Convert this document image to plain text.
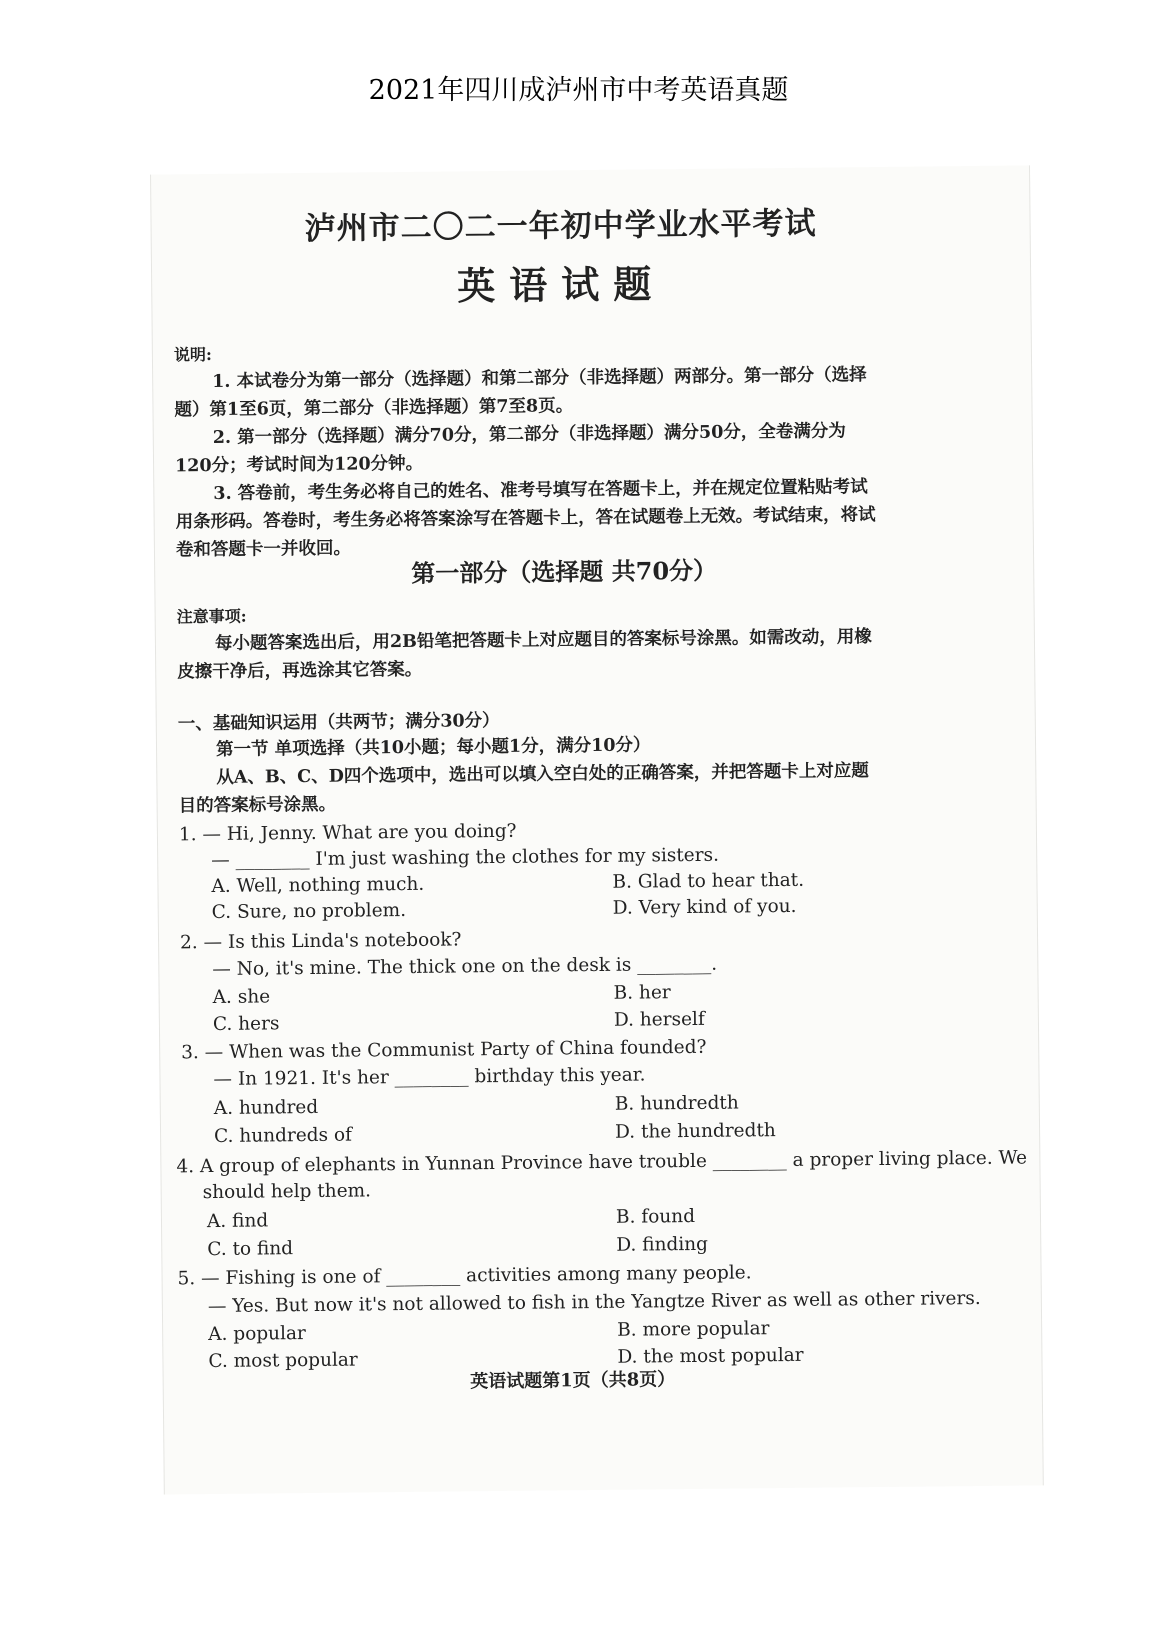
2021年四川成泸州市中考英语真题
泸州市二〇二一年初中学业水平考试
英语试题
说明:
1. 本试卷分为第一部分（选择题）和第二部分（非选择题）两部分。第一部分（选择
题）第1至6页，第二部分（非选择题）第7至8页。
2. 第一部分（选择题）满分70分，第二部分（非选择题）满分50分，全卷满分为
120分；考试时间为120分钟。
3. 答卷前，考生务必将自己的姓名、准考号填写在答题卡上，并在规定位置粘贴考试
用条形码。答卷时，考生务必将答案涂写在答题卡上，答在试题卷上无效。考试结束，将试
卷和答题卡一并收回。
第一部分（选择题 共70分）
注意事项:
每小题答案选出后，用2B铅笔把答题卡上对应题目的答案标号涂黑。如需改动，用橡
皮擦干净后，再选涂其它答案。
一、基础知识运用（共两节；满分30分）
第一节 单项选择（共10小题；每小题1分，满分10分）
从A、B、C、D四个选项中，选出可以填入空白处的正确答案，并把答题卡上对应题
目的答案标号涂黑。
1. — Hi, Jenny. What are you doing?
— ________ I'm just washing the clothes for my sisters.
A. Well, nothing much.	B. Glad to hear that.
C. Sure, no problem.	D. Very kind of you.
2. — Is this Linda's notebook?
— No, it's mine. The thick one on the desk is ________.
A. she	B. her
C. hers	D. herself
3. — When was the Communist Party of China founded?
— In 1921. It's her ________ birthday this year.
A. hundred	B. hundredth
C. hundreds of	D. the hundredth
4. A group of elephants in Yunnan Province have trouble ________ a proper living place. We
should help them.
A. find	B. found
C. to find	D. finding
5. — Fishing is one of ________ activities among many people.
— Yes. But now it's not allowed to fish in the Yangtze River as well as other rivers.
A. popular	B. more popular
C. most popular	D. the most popular
英语试题第1页（共8页）
